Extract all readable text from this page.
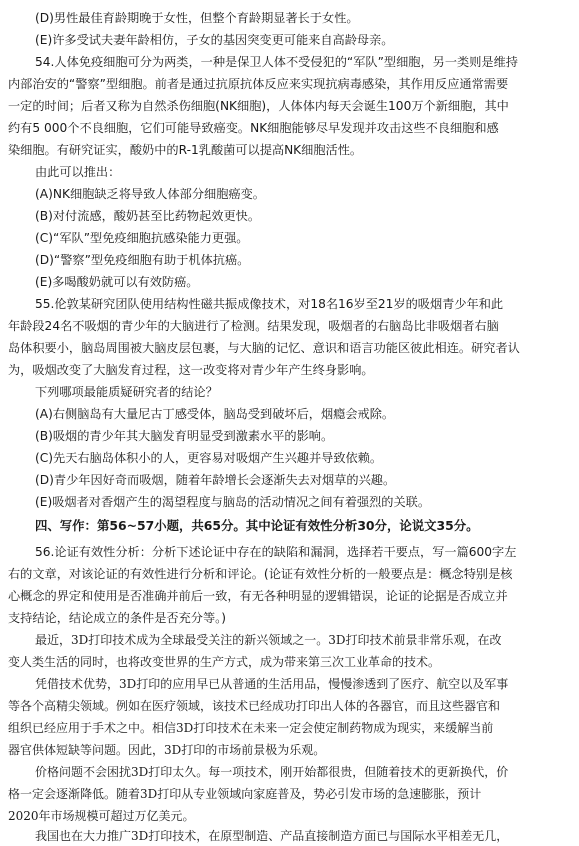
(D)男性最佳育龄期晚于女性，但整个育龄期显著长于女性。

(E)许多受试夫妻年龄相仿，子女的基因突变更可能来自高龄母亲。

54.人体免疫细胞可分为两类，一种是保卫人体不受侵犯的“军队”型细胞，另一类则是维持

内部治安的“警察”型细胞。前者是通过抗原抗体反应来实现抗病毒感染，其作用反应通常需要

一定的时间；后者又称为自然杀伤细胞(NK细胞)，人体体内每天会诞生100万个新细胞，其中

约有5 000个不良细胞，它们可能导致癌变。NK细胞能够尽早发现并攻击这些不良细胞和感

染细胞。有研究证实，酸奶中的R-1乳酸菌可以提高NK细胞活性。

由此可以推出：

(A)NK细胞缺乏将导致人体部分细胞癌变。

(B)对付流感，酸奶甚至比药物起效更快。

(C)“军队”型免疫细胞抗感染能力更强。

(D)“警察”型免疫细胞有助于机体抗癌。

(E)多喝酸奶就可以有效防癌。

55.伦敦某研究团队使用结构性磁共振成像技术，对18名16岁至21岁的吸烟青少年和此

年龄段24名不吸烟的青少年的大脑进行了检测。结果发现，吸烟者的右脑岛比非吸烟者右脑

岛体积要小，脑岛周围被大脑皮层包裹，与大脑的记忆、意识和语言功能区彼此相连。研究者认

为，吸烟改变了大脑发育过程，这一改变将对青少年产生终身影响。

下列哪项最能质疑研究者的结论？

(A)右侧脑岛有大量尼古丁感受体，脑岛受到破坏后，烟瘾会戒除。

(B)吸烟的青少年其大脑发育明显受到激素水平的影响。

(C)先天右脑岛体积小的人，更容易对吸烟产生兴趣并导致依赖。

(D)青少年因好奇而吸烟，随着年龄增长会逐渐失去对烟草的兴趣。

(E)吸烟者对香烟产生的渴望程度与脑岛的活动情况之间有着强烈的关联。

四、写作：第56~57小题，共65分。其中论证有效性分析30分，论说文35分。

56.论证有效性分析：分析下述论证中存在的缺陷和漏洞，选择若干要点，写一篇600字左

右的文章，对该论证的有效性进行分析和评论。(论证有效性分析的一般要点是：概念特别是核

心概念的界定和使用是否准确并前后一致，有无各种明显的逻辑错误，论证的论据是否成立并

支持结论，结论成立的条件是否充分等。)

最近，3D打印技术成为全球最受关注的新兴领域之一。3D打印技术前景非常乐观，在改

变人类生活的同时，也将改变世界的生产方式，成为带来第三次工业革命的技术。

凭借技术优势，3D打印的应用早已从普通的生活用品，慢慢渗透到了医疗、航空以及军事

等各个高精尖领域。例如在医疗领域，该技术已经成功打印出人体的各器官，而且这些器官和

组织已经应用于手术之中。相信3D打印技术在未来一定会使定制药物成为现实，来缓解当前

器官供体短缺等问题。因此，3D打印的市场前景极为乐观。

价格问题不会困扰3D打印太久。每一项技术，刚开始都很贵，但随着技术的更新换代，价

格一定会逐渐降低。随着3D打印从专业领域向家庭普及，势必引发市场的急速膨胀，预计

2020年市场规模可超过万亿美元。

我国也在大力推广3D打印技术，在原型制造、产品直接制造方面已与国际水平相差无几，
